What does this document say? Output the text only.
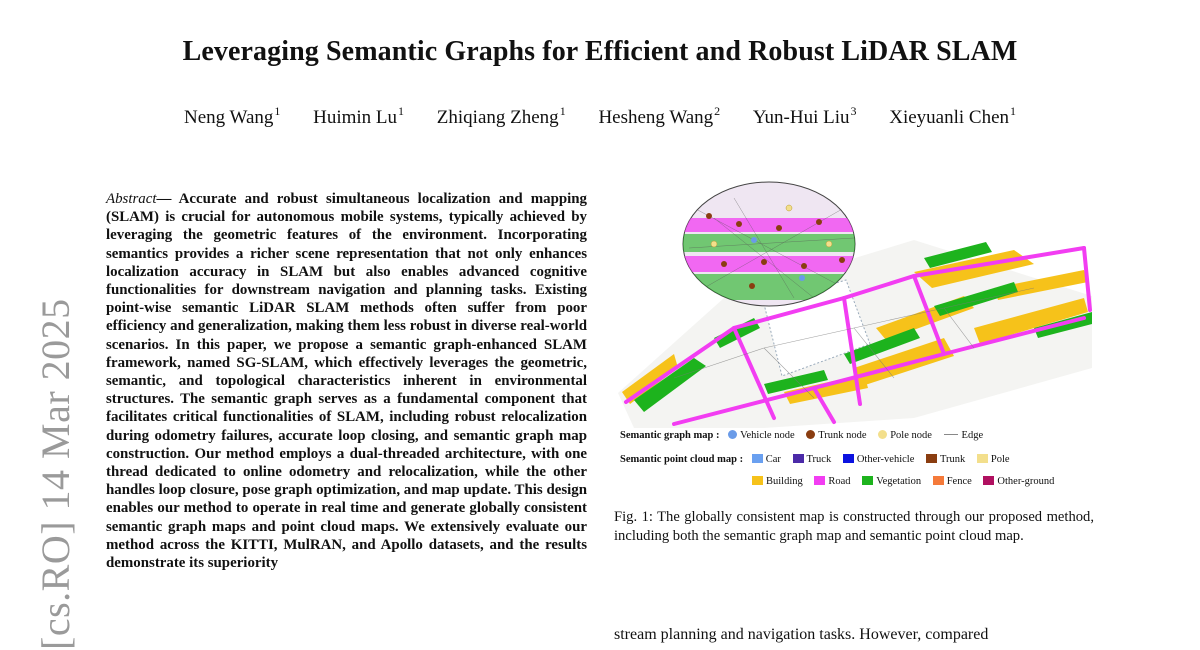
Leveraging Semantic Graphs for Efficient and Robust LiDAR SLAM
Neng Wang$^1$ Huimin Lu$^1$ Zhiqiang Zheng$^1$ Hesheng Wang$^2$ Yun-Hui Liu$^3$ Xieyuanli Chen$^1$
[cs.RO] 14 Mar 2025
Abstract— Accurate and robust simultaneous localization and mapping (SLAM) is crucial for autonomous mobile systems, typically achieved by leveraging the geometric features of the environment. Incorporating semantics provides a richer scene representation that not only enhances localization accuracy in SLAM but also enables advanced cognitive functionalities for downstream navigation and planning tasks. Existing point-wise semantic LiDAR SLAM methods often suffer from poor efficiency and generalization, making them less robust in diverse real-world scenarios. In this paper, we propose a semantic graph-enhanced SLAM framework, named SG-SLAM, which effectively leverages the geometric, semantic, and topological characteristics inherent in environmental structures. The semantic graph serves as a fundamental component that facilitates critical functionalities of SLAM, including robust relocalization during odometry failures, accurate loop closing, and semantic graph map construction. Our method employs a dual-threaded architecture, with one thread dedicated to online odometry and relocalization, while the other handles loop closure, pose graph optimization, and map update. This design enables our method to operate in real time and generate globally consistent semantic graph maps and point cloud maps. We extensively evaluate our method across the KITTI, MulRAN, and Apollo datasets, and the results demonstrate its superiority
Semantic graph map : Vehicle node Trunk node Pole node	Edge
Semantic point cloud map : Car Truck Other-vehicle Trunk Pole
Building Road Vegetation Fence Other-ground
Fig. 1: The globally consistent map is constructed through our proposed method, including both the semantic graph map and semantic point cloud map.
stream planning and navigation tasks. However, compared
